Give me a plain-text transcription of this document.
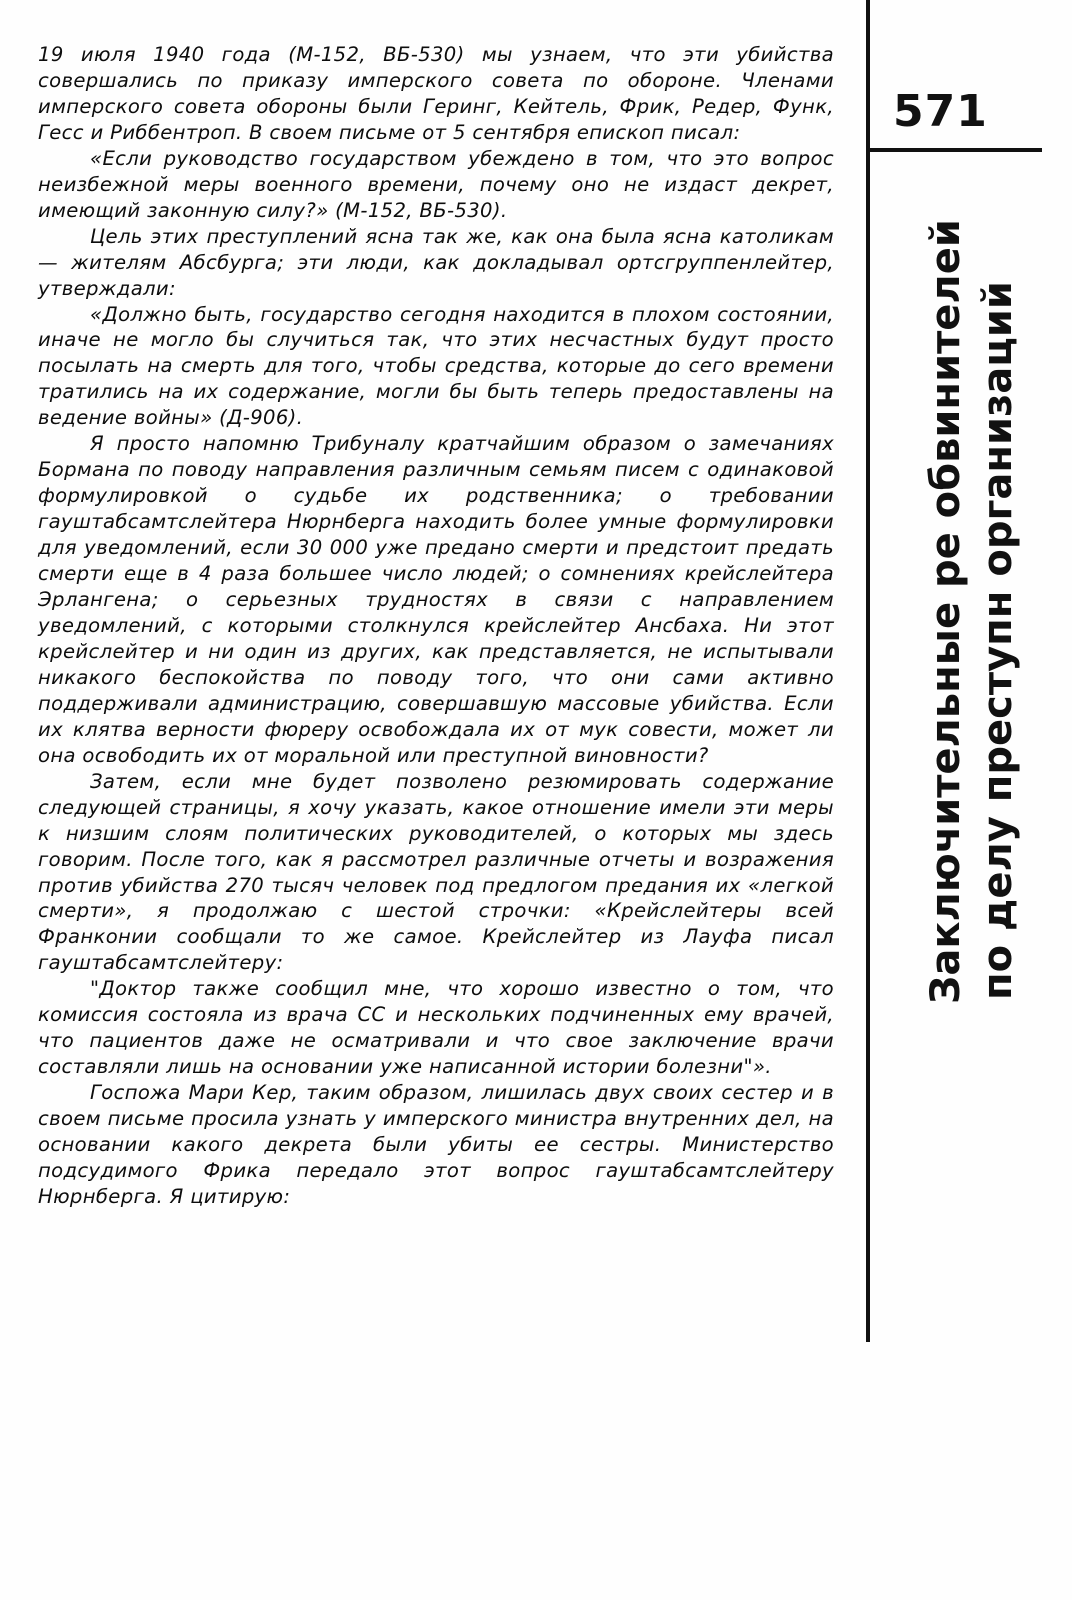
19 июля 1940 года (М-152, ВБ-530) мы узнаем, что эти убийства совершались по приказу имперского совета по обороне. Членами имперского совета обороны были Геринг, Кейтель, Фрик, Редер, Функ, Гесс и Риббентроп. В своем письме от 5 сентября епископ писал:

«Если руководство государством убеждено в том, что это вопрос неизбежной меры военного времени, почему оно не издаст декрет, имеющий законную силу?» (М-152, ВБ-530).

Цель этих преступлений ясна так же, как она была ясна католикам — жителям Абсбурга; эти люди, как докладывал ортсгруппенлейтер, утверждали:

«Должно быть, государство сегодня находится в плохом состоянии, иначе не могло бы случиться так, что этих несчастных будут просто посылать на смерть для того, чтобы средства, которые до сего времени тратились на их содержание, могли бы быть теперь предоставлены на ведение войны» (Д-906).

Я просто напомню Трибуналу кратчайшим образом о замечаниях Бормана по поводу направления различным семьям писем с одинаковой формулировкой о судьбе их родственника; о требовании гауштабсамтслейтера Нюрнберга находить более умные формулировки для уведомлений, если 30 000 уже предано смерти и предстоит предать смерти еще в 4 раза большее число людей; о сомнениях крейслейтера Эрлангена; о серьезных трудностях в связи с направлением уведомлений, с которыми столкнулся крейслейтер Ансбаха. Ни этот крейслейтер и ни один из других, как представляется, не испытывали никакого беспокойства по поводу того, что они сами активно поддерживали администрацию, совершавшую массовые убийства. Если их клятва верности фюреру освобождала их от мук совести, может ли она освободить их от моральной или преступной виновности?

Затем, если мне будет позволено резюмировать содержание следующей страницы, я хочу указать, какое отношение имели эти меры к низшим слоям политических руководителей, о которых мы здесь говорим. После того, как я рассмотрел различные отчеты и возражения против убийства 270 тысяч человек под предлогом предания их «легкой смерти», я продолжаю с шестой строчки: «Крейслейтеры всей Франконии сообщали то же самое. Крейслейтер из Лауфа писал гауштабсамтслейтеру:

"Доктор также сообщил мне, что хорошо известно о том, что комиссия состояла из врача СС и нескольких подчиненных ему врачей, что пациентов даже не осматривали и что свое заключение врачи составляли лишь на основании уже написанной истории болезни"».

Госпожа Мари Кер, таким образом, лишилась двух своих сестер и в своем письме просила узнать у имперского министра внутренних дел, на основании какого декрета были убиты ее сестры. Министерство подсудимого Фрика передало этот вопрос гауштабсамтслейтеру Нюрнберга. Я цитирую:

571
Заключительные ре обвинителей по делу преступн организаций
